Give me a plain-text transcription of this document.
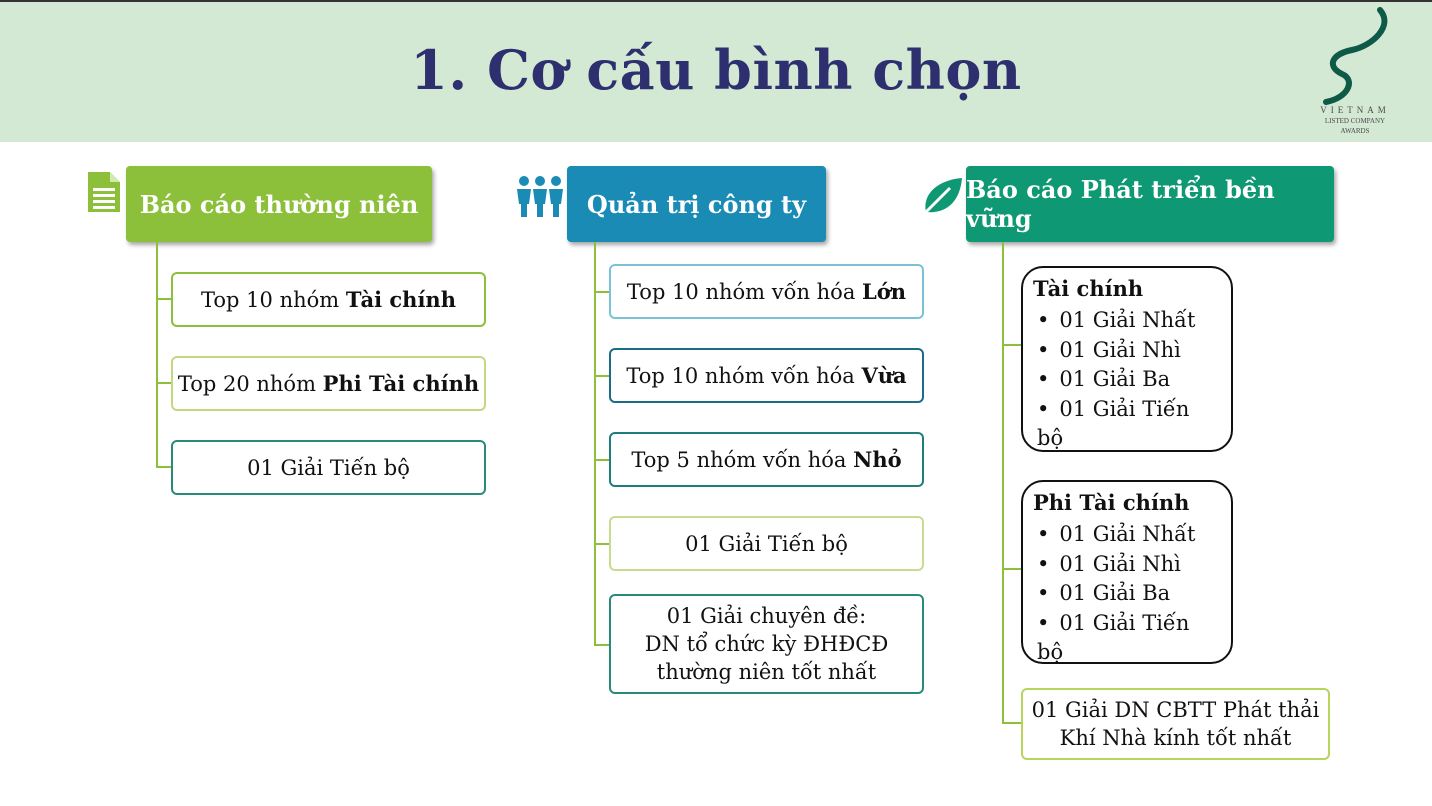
1. Cơ cấu bình chọn
VIETNAM
LISTED COMPANY
AWARDS
Báo cáo thường niên	Quản trị công ty	Báo cáo Phát triển bền vững
Top 10 nhóm Tài chính
Top 20 nhóm Phi Tài chính
01 Giải Tiến bộ
Top 10 nhóm vốn hóa Lớn
Top 10 nhóm vốn hóa Vừa
Top 5 nhóm vốn hóa Nhỏ
01 Giải Tiến bộ
01 Giải chuyên đề:
DN tổ chức kỳ ĐHĐCĐ
thường niên tốt nhất
Tài chính
• 01 Giải Nhất
• 01 Giải Nhì
• 01 Giải Ba
• 01 Giải Tiến bộ
Phi Tài chính
• 01 Giải Nhất
• 01 Giải Nhì
• 01 Giải Ba
• 01 Giải Tiến bộ
01 Giải DN CBTT Phát thải
Khí Nhà kính tốt nhất
